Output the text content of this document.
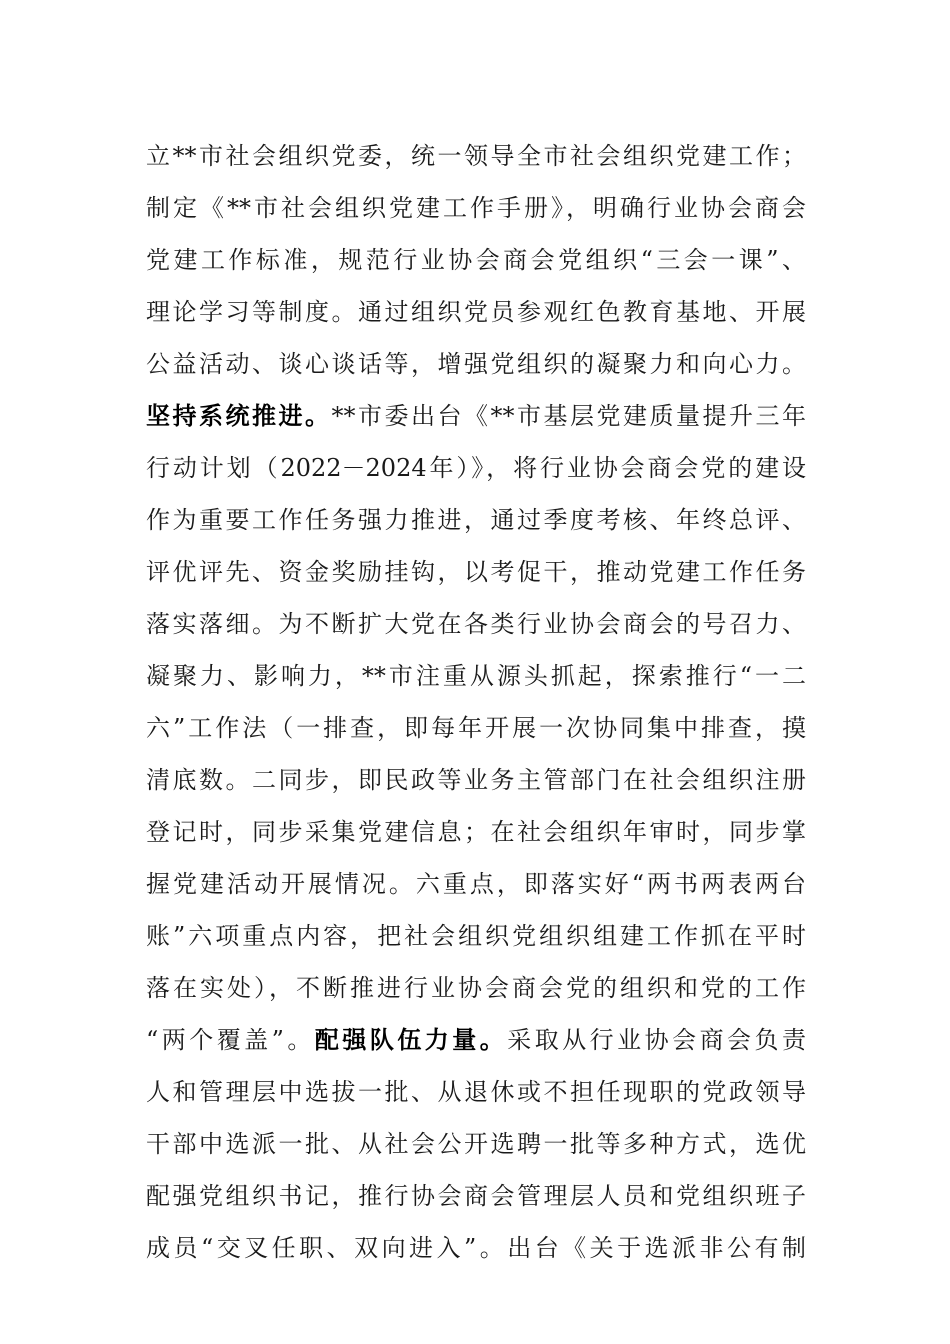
立**市社会组织党委，统一领导全市社会组织党建工作；
制定《**市社会组织党建工作手册》，明确行业协会商会
党建工作标准，规范行业协会商会党组织“三会一课”、
理论学习等制度。通过组织党员参观红色教育基地、开展
公益活动、谈心谈话等，增强党组织的凝聚力和向心力。
坚持系统推进。**市委出台《**市基层党建质量提升三年
行动计划（2022－2024年）》，将行业协会商会党的建设
作为重要工作任务强力推进，通过季度考核、年终总评、
评优评先、资金奖励挂钩，以考促干，推动党建工作任务
落实落细。为不断扩大党在各类行业协会商会的号召力、
凝聚力、影响力，**市注重从源头抓起，探索推行“一二
六”工作法（一排查，即每年开展一次协同集中排查，摸
清底数。二同步，即民政等业务主管部门在社会组织注册
登记时，同步采集党建信息；在社会组织年审时，同步掌
握党建活动开展情况。六重点，即落实好“两书两表两台
账”六项重点内容，把社会组织党组织组建工作抓在平时
落在实处），不断推进行业协会商会党的组织和党的工作
“两个覆盖”。配强队伍力量。采取从行业协会商会负责
人和管理层中选拔一批、从退休或不担任现职的党政领导
干部中选派一批、从社会公开选聘一批等多种方式，选优
配强党组织书记，推行协会商会管理层人员和党组织班子
成员“交叉任职、双向进入”。出台《关于选派非公有制
